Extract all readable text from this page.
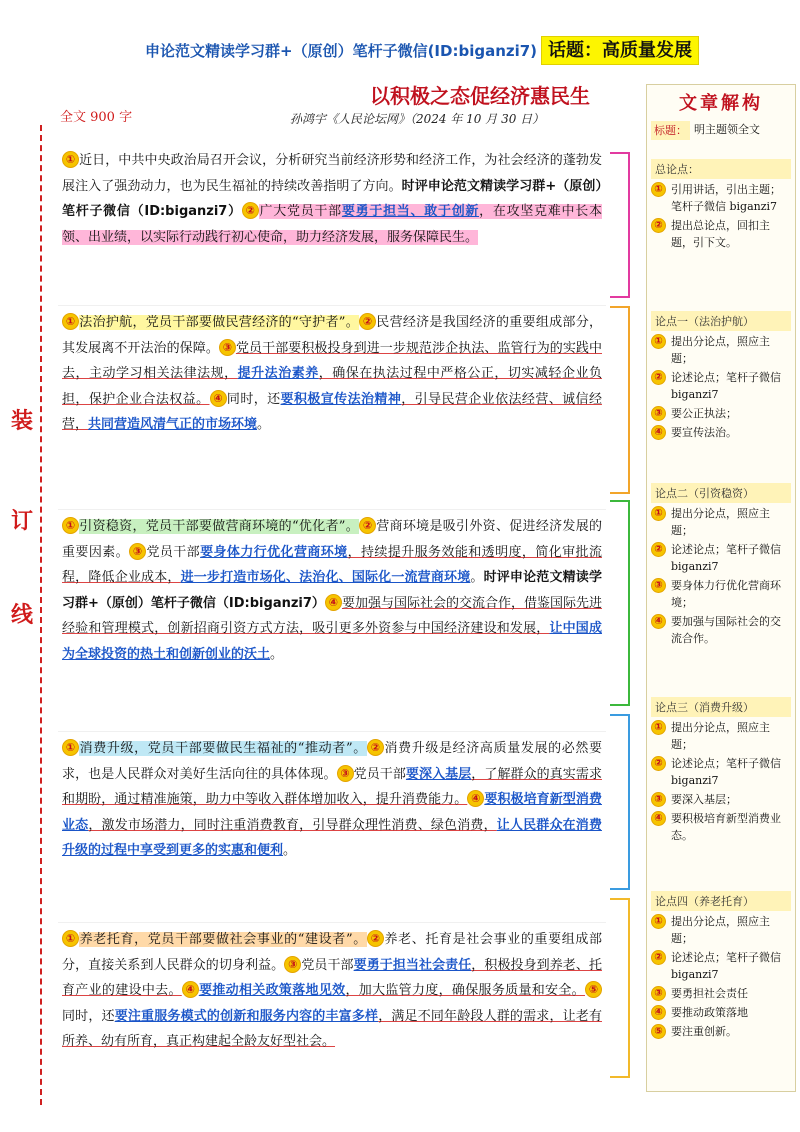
申论范文精读学习群+（原创）笔杆子微信(ID:biganzi7) 话题：高质量发展
以积极之态促经济惠民生
全文 900 字	孙鸿宇《人民论坛网》（2024 年 10 月 30 日）
装
订
线

① 近日，中共中央政治局召开会议，分析研究当前经济形势和经济工作，为社会经济的蓬勃发展注入了强劲动力，也为民生福祉的持续改善指明了方向。时评申论范文精读学习群+（原创）笔杆子微信（ID:biganzi7） ② 广大党员干部要勇于担当、敢于创新，在攻坚克难中长本领、出业绩，以实际行动践行初心使命，助力经济发展，服务保障民生。

① 法治护航，党员干部要做民营经济的“守护者”。 ② 民营经济是我国经济的重要组成部分，其发展离不开法治的保障。 ③ 党员干部要积极投身到进一步规范涉企执法、监管行为的实践中去，主动学习相关法律法规，提升法治素养，确保在执法过程中严格公正，切实减轻企业负担，保护企业合法权益。 ④ 同时，还要积极宣传法治精神，引导民营企业依法经营、诚信经营，共同营造风清气正的市场环境。

① 引资稳资，党员干部要做营商环境的“优化者”。 ② 营商环境是吸引外资、促进经济发展的重要因素。 ③ 党员干部要身体力行优化营商环境，持续提升服务效能和透明度，简化审批流程，降低企业成本，进一步打造市场化、法治化、国际化一流营商环境。时评申论范文精读学习群+（原创）笔杆子微信（ID:biganzi7） ④ 要加强与国际社会的交流合作，借鉴国际先进经验和管理模式，创新招商引资方式方法，吸引更多外资参与中国经济建设和发展，让中国成为全球投资的热土和创新创业的沃土。

① 消费升级，党员干部要做民生福祉的“推动者”。 ② 消费升级是经济高质量发展的必然要求，也是人民群众对美好生活向往的具体体现。 ③ 党员干部要深入基层，了解群众的真实需求和期盼，通过精准施策，助力中等收入群体增加收入，提升消费能力。 ④ 要积极培育新型消费业态，激发市场潜力，同时注重消费教育，引导群众理性消费、绿色消费，让人民群众在消费升级的过程中享受到更多的实惠和便利。

① 养老托育，党员干部要做社会事业的“建设者”。 ② 养老、托育是社会事业的重要组成部分，直接关系到人民群众的切身利益。 ③ 党员干部要勇于担当社会责任，积极投身到养老、托育产业的建设中去。 ④ 要推动相关政策落地见效，加大监管力度，确保服务质量和安全。 ⑤同时，还要注重服务模式的创新和服务内容的丰富多样，满足不同年龄段人群的需求，让老有所养、幼有所育，真正构建起全龄友好型社会。

文章解构
标题： 明主题领全文
总论点：
① 引用讲话，引出主题；笔杆子微信 biganzi7
② 提出总论点，回扣主题，引下文。
论点一（法治护航）
① 提出分论点，照应主题；
② 论述论点；笔杆子微信 biganzi7
③ 要公正执法；
④ 要宣传法治。
论点二（引资稳资）
① 提出分论点，照应主题；
② 论述论点；笔杆子微信 biganzi7
③ 要身体力行优化营商环境；
④ 要加强与国际社会的交流合作。
论点三（消费升级）
① 提出分论点，照应主题；
② 论述论点；笔杆子微信 biganzi7
③ 要深入基层；
④ 要积极培育新型消费业态。
论点四（养老托育）
① 提出分论点，照应主题；
② 论述论点；笔杆子微信 biganzi7
③ 要勇担社会责任
④ 要推动政策落地
⑤ 要注重创新。
